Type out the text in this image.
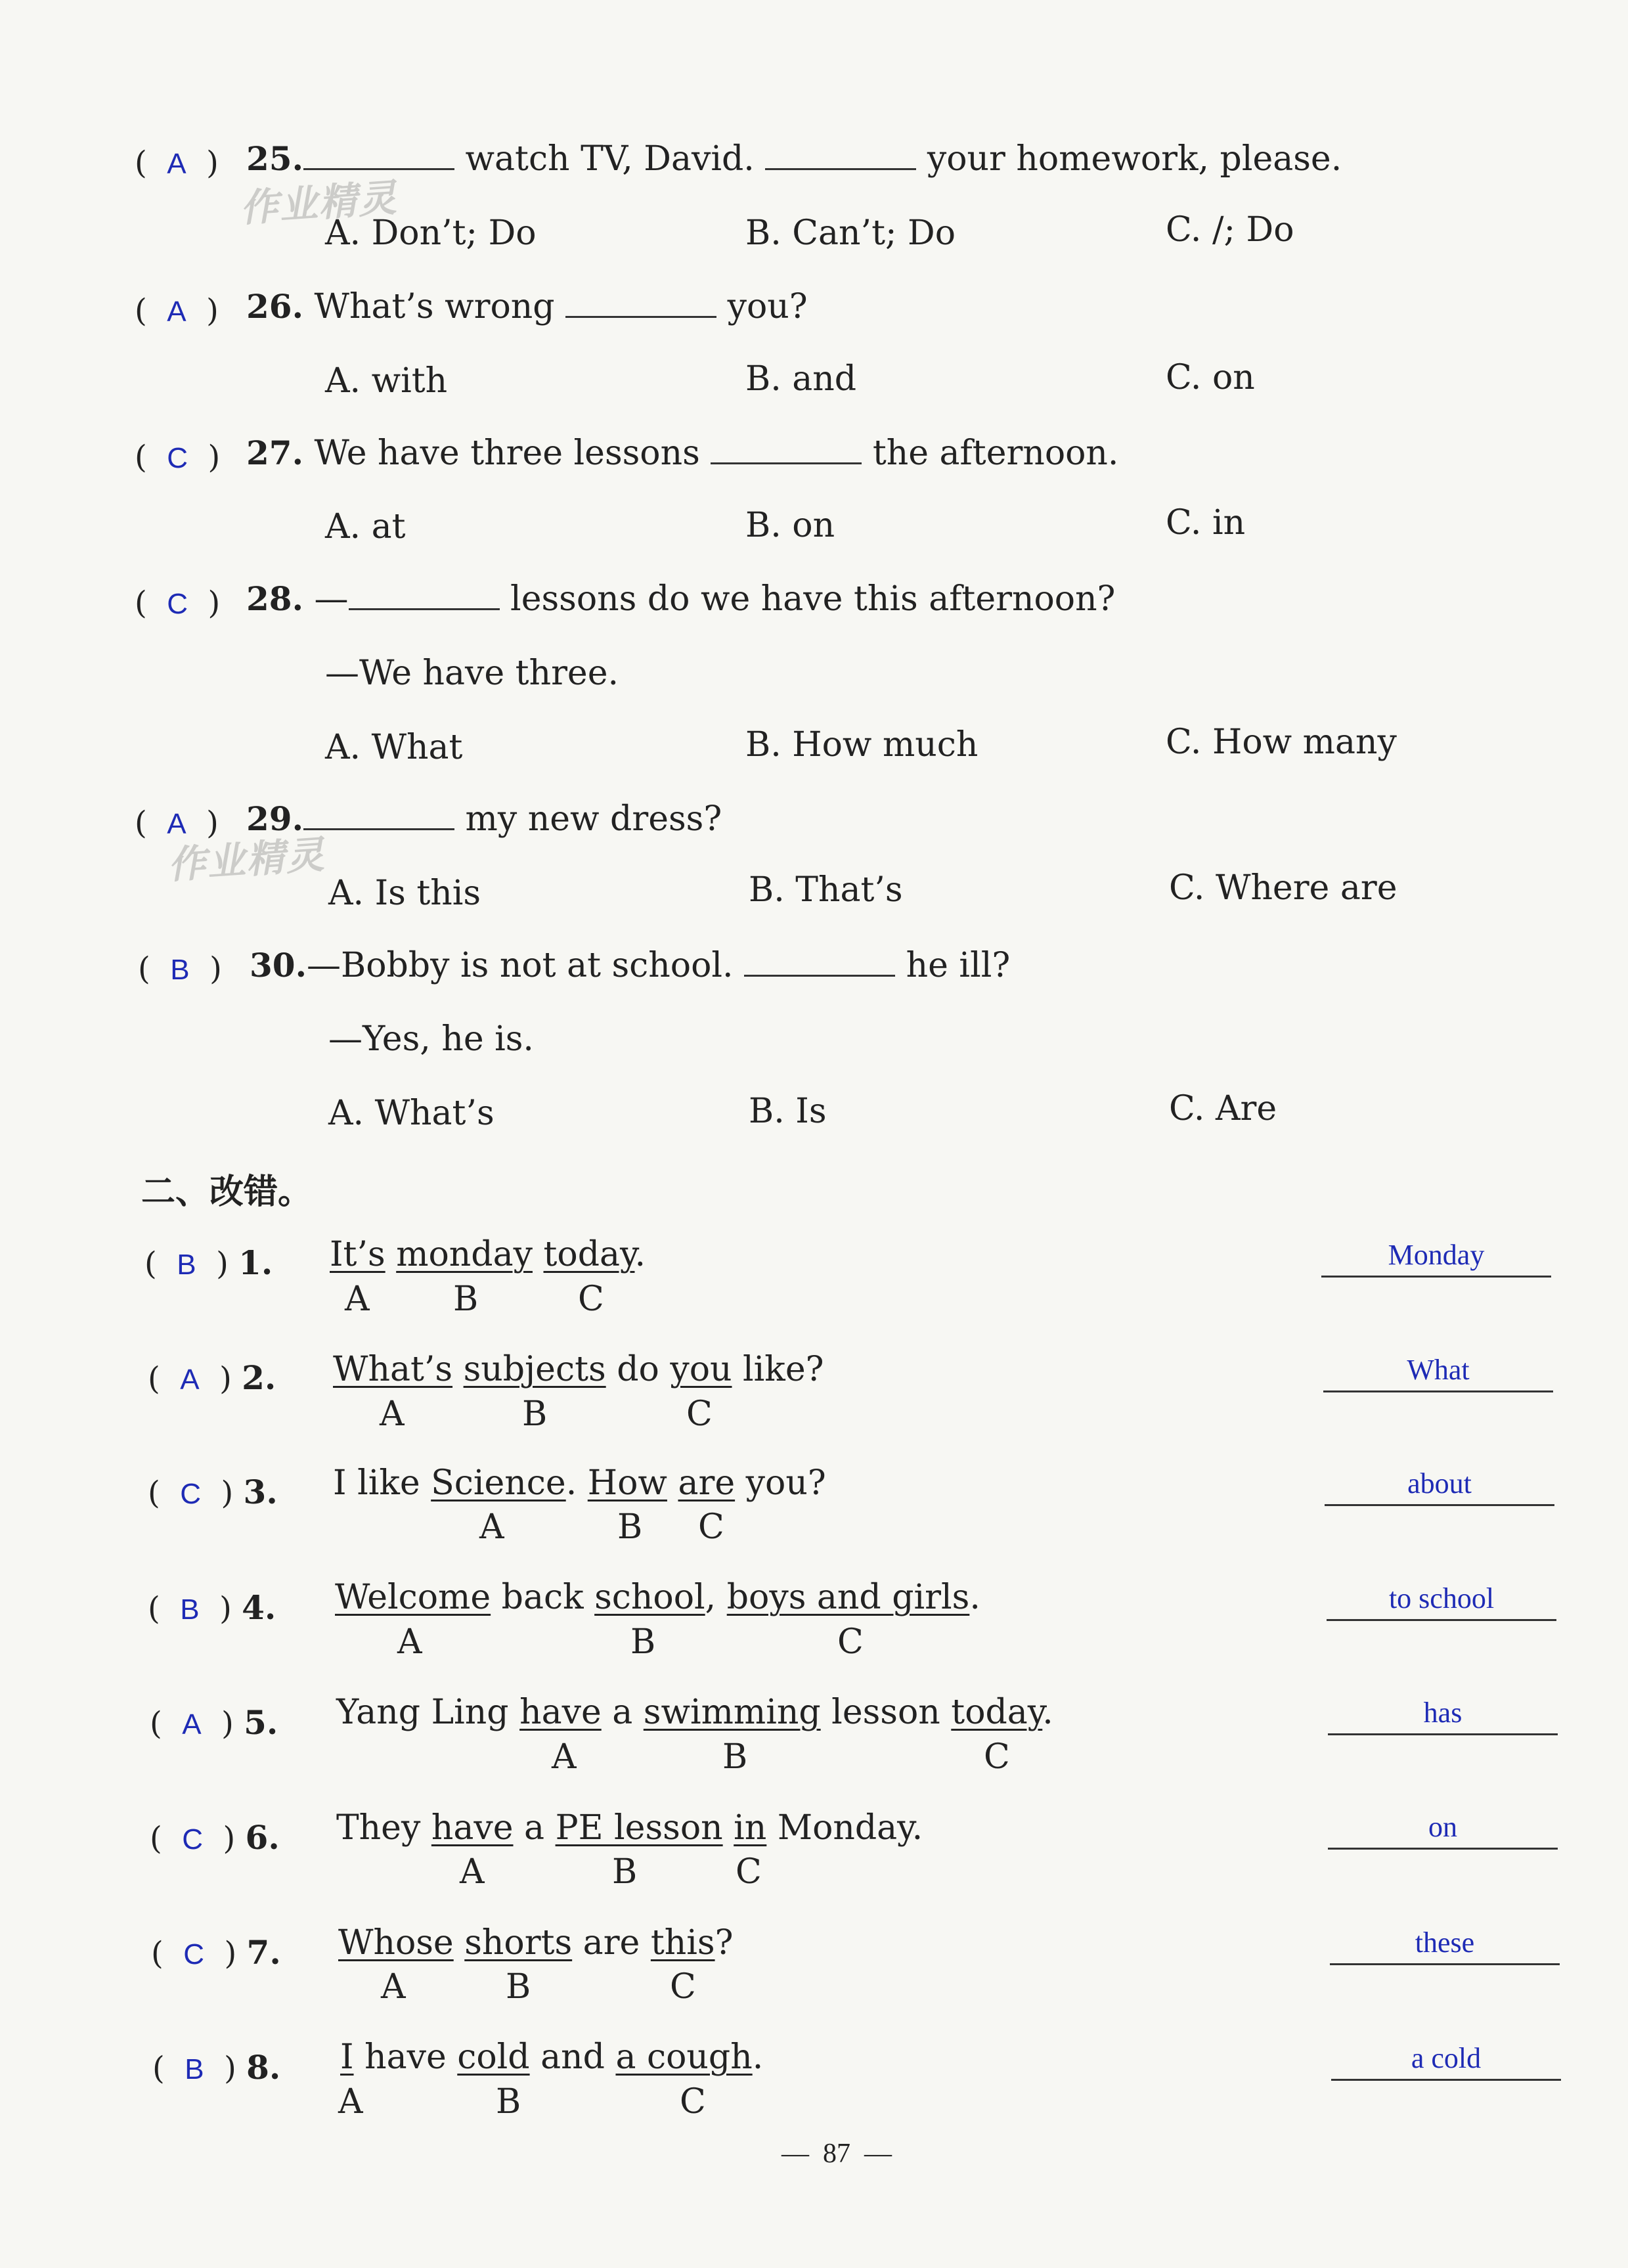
(  A  ) 25.	watch TV, David.	your homework, please.
A. Don’t; Do	B. Can’t; Do	C. /; Do
(  A  ) 26. What’s wrong	you?
A. with	B. and	C. on
(  C  ) 27. We have three lessons	the afternoon.
A. at	B. on	C. in
(  C  ) 28. —	lessons do we have this afternoon?
—We have three.
A. What	B. How much	C. How many
(  A  ) 29.	my new dress?
A. Is this	B. That’s	C. Where are
(  B  ) 30.—Bobby is not at school.	he ill?
—Yes, he is.
A. What’s	B. Is	C. Are
二、改错。
(  B  ) 1. It’s monday today.
A B	C
Monday
(  A  ) 2. What’s subjects do you like?
A	B	C
What
(  C  ) 3. I like Science. How are you?
A	B C
about
(  B  ) 4. Welcome back school, boys and girls.
A	B	C
to school
(  A  ) 5. Yang Ling have a swimming lesson today.
A	B	C
has
(  C  ) 6. They have a PE lesson in Monday.
A	B	C
on
(  C  ) 7. Whose shorts are this?
A	B	C
these
(  B  ) 8. I have cold and a cough.
A	B	C
a cold
作业精灵
作业精灵
—  87  —
